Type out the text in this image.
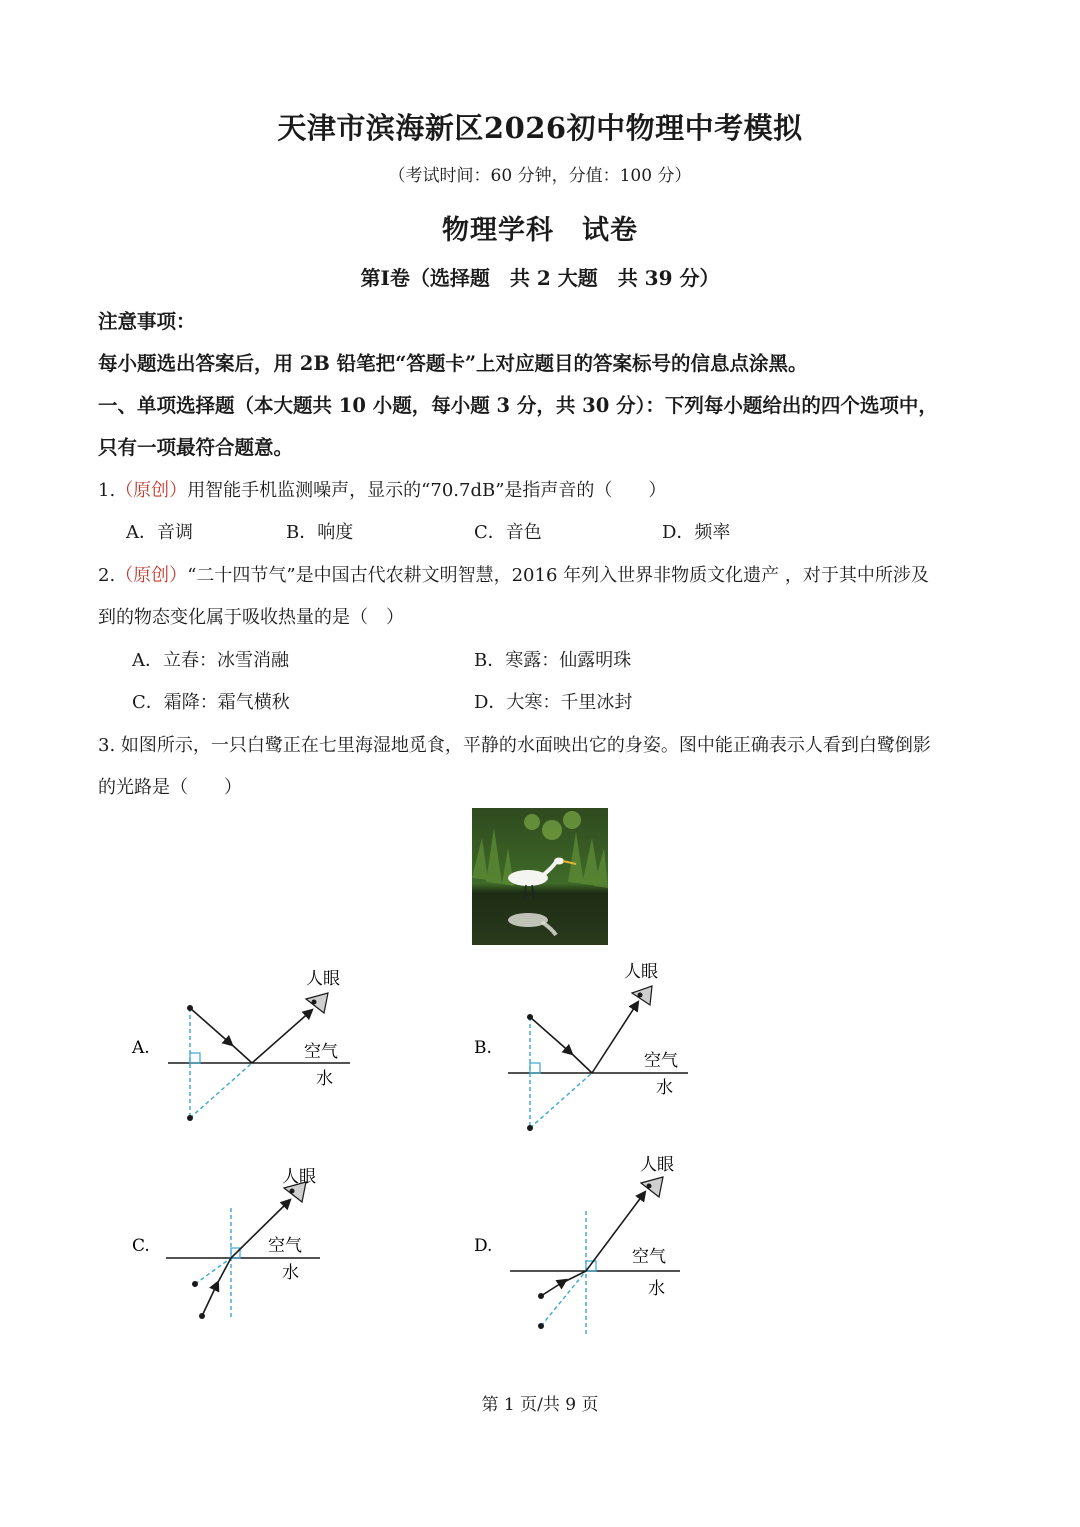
天津市滨海新区2026初中物理中考模拟
（考试时间：60 分钟，分值：100 分）
物理学科　试卷
第Ⅰ卷（选择题　共 2 大题　共 39 分）
注意事项：
每小题选出答案后，用 2B 铅笔把“答题卡”上对应题目的答案标号的信息点涂黑。
一、单项选择题（本大题共 10 小题，每小题 3 分，共 30 分）：下列每小题给出的四个选项中，
只有一项最符合题意。
1.（原创）用智能手机监测噪声，显示的“70.7dB”是指声音的（　　）
A．音调	B．响度	C．音色	D．频率
2.（原创）“二十四节气”是中国古代农耕文明智慧，2016 年列入世界非物质文化遗产 ，对于其中所涉及
到的物态变化属于吸收热量的是（　）
A．立春：冰雪消融	B．寒露：仙露明珠
C．霜降：霜气横秋	D．大寒：千里冰封
3. 如图所示，一只白鹭正在七里海湿地觅食，平静的水面映出它的身姿。图中能正确表示人看到白鹭倒影
的光路是（　　）
A.
人眼
空气
水
B.
人眼
空气
水
C.
人眼
空气
水
D.
人眼
空气
水
第 1 页/共 9 页
